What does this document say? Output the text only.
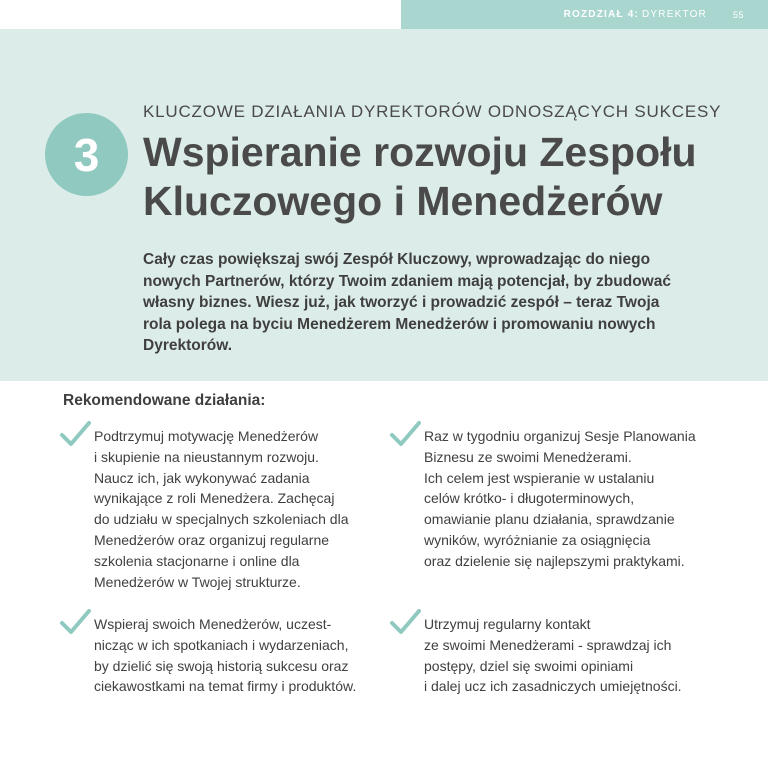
ROZDZIAŁ 4: DYREKTOR	55
3
KLUCZOWE DZIAŁANIA DYREKTORÓW ODNOSZĄCYCH SUKCESY
Wspieranie rozwoju Zespołu
Kluczowego i Menedżerów

Cały czas powiększaj swój Zespół Kluczowy, wprowadzając do niego

nowych Partnerów, którzy Twoim zdaniem mają potencjał, by zbudować

własny biznes. Wiesz już, jak tworzyć i prowadzić zespół – teraz Twoja

rola polega na byciu Menedżerem Menedżerów i promowaniu nowych

Dyrektorów.

Rekomendowane działania:

Podtrzymuj motywację Menedżerów

i skupienie na nieustannym rozwoju.

Naucz ich, jak wykonywać zadania

wynikające z roli Menedżera. Zachęcaj

do udziału w specjalnych szkoleniach dla

Menedżerów oraz organizuj regularne

szkolenia stacjonarne i online dla

Menedżerów w Twojej strukturze.

Raz w tygodniu organizuj Sesje Planowania

Biznesu ze swoimi Menedżerami.

Ich celem jest wspieranie w ustalaniu

celów krótko- i długoterminowych,

omawianie planu działania, sprawdzanie

wyników, wyróżnianie za osiągnięcia

oraz dzielenie się najlepszymi praktykami.

Wspieraj swoich Menedżerów, uczest-

nicząc w ich spotkaniach i wydarzeniach,

by dzielić się swoją historią sukcesu oraz

ciekawostkami na temat firmy i produktów.

Utrzymuj regularny kontakt

ze swoimi Menedżerami - sprawdzaj ich

postępy, dziel się swoimi opiniami

i dalej ucz ich zasadniczych umiejętności.
